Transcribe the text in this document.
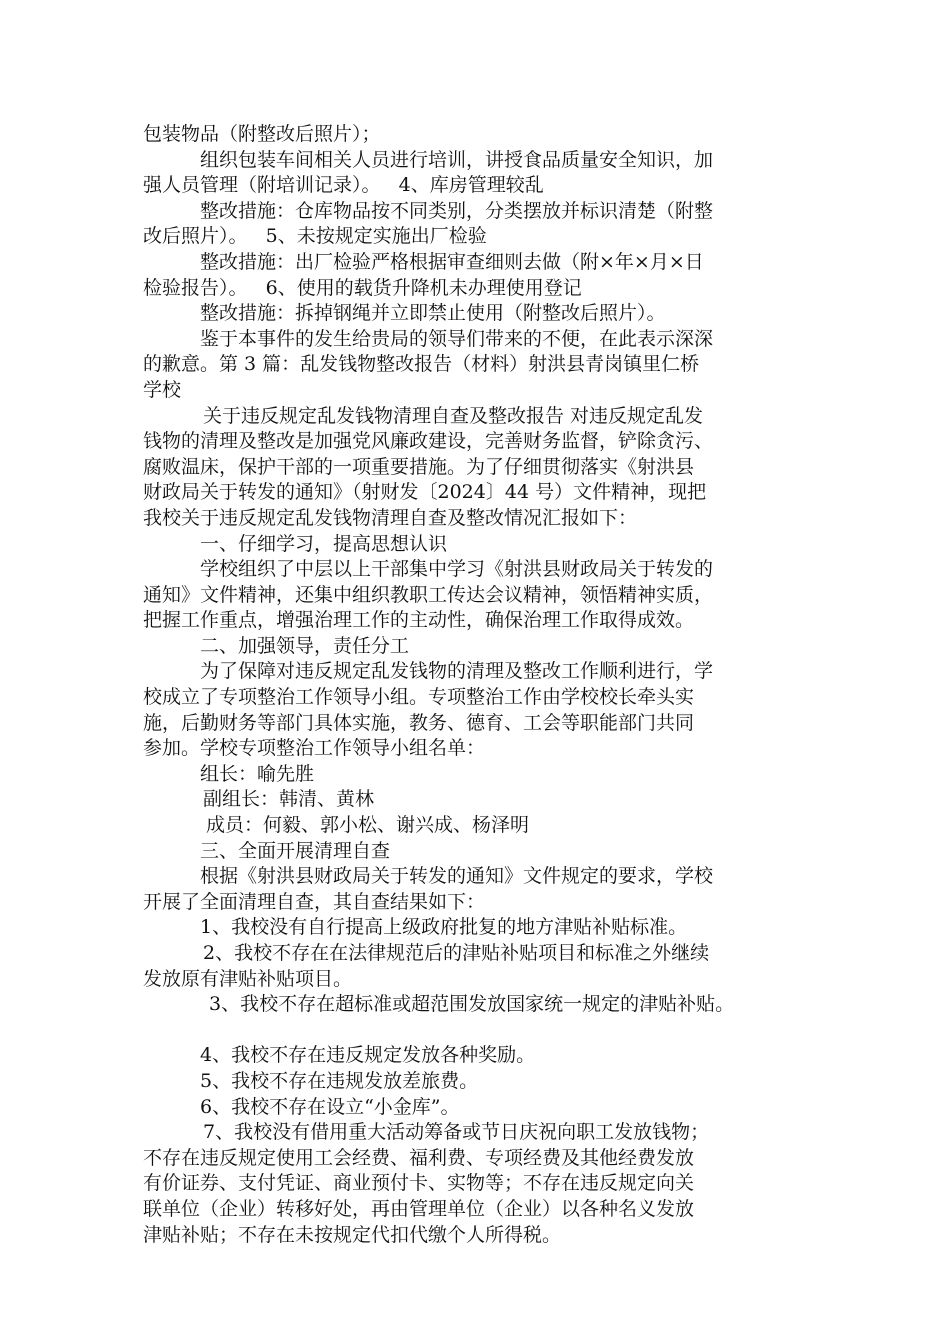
包装物品（附整改后照片）；
组织包装车间相关人员进行培训，讲授食品质量安全知识，加
强人员管理（附培训记录）。   4、库房管理较乱
整改措施：仓库物品按不同类别，分类摆放并标识清楚（附整
改后照片）。   5、未按规定实施出厂检验
整改措施：出厂检验严格根据审查细则去做（附×年×月×日
检验报告）。   6、使用的载货升降机未办理使用登记
整改措施：拆掉钢绳并立即禁止使用（附整改后照片）。
鉴于本事件的发生给贵局的领导们带来的不便，在此表示深深
的歉意。第 3 篇：乱发钱物整改报告（材料）射洪县青岗镇里仁桥
学校
关于违反规定乱发钱物清理自查及整改报告 对违反规定乱发
钱物的清理及整改是加强党风廉政建设，完善财务监督，铲除贪污、
腐败温床，保护干部的一项重要措施。为了仔细贯彻落实《射洪县
财政局关于转发的通知》（射财发〔2024〕44 号）文件精神，现把
我校关于违反规定乱发钱物清理自查及整改情况汇报如下：
一、仔细学习，提高思想认识
学校组织了中层以上干部集中学习《射洪县财政局关于转发的
通知》文件精神，还集中组织教职工传达会议精神，领悟精神实质，
把握工作重点，增强治理工作的主动性，确保治理工作取得成效。
二、加强领导，责任分工
为了保障对违反规定乱发钱物的清理及整改工作顺利进行，学
校成立了专项整治工作领导小组。专项整治工作由学校校长牵头实
施，后勤财务等部门具体实施，教务、德育、工会等职能部门共同
参加。学校专项整治工作领导小组名单：
组长：喻先胜
副组长：韩清、黄林
成员：何毅、郭小松、谢兴成、杨泽明
三、全面开展清理自查
根据《射洪县财政局关于转发的通知》文件规定的要求，学校
开展了全面清理自查，其自查结果如下：
1、我校没有自行提高上级政府批复的地方津贴补贴标准。
2、我校不存在在法律规范后的津贴补贴项目和标准之外继续
发放原有津贴补贴项目。
3、我校不存在超标准或超范围发放国家统一规定的津贴补贴。
4、我校不存在违反规定发放各种奖励。
5、我校不存在违规发放差旅费。
6、我校不存在设立“小金库”。
7、我校没有借用重大活动筹备或节日庆祝向职工发放钱物；
不存在违反规定使用工会经费、福利费、专项经费及其他经费发放
有价证券、支付凭证、商业预付卡、实物等；不存在违反规定向关
联单位（企业）转移好处，再由管理单位（企业）以各种名义发放
津贴补贴；不存在未按规定代扣代缴个人所得税。
